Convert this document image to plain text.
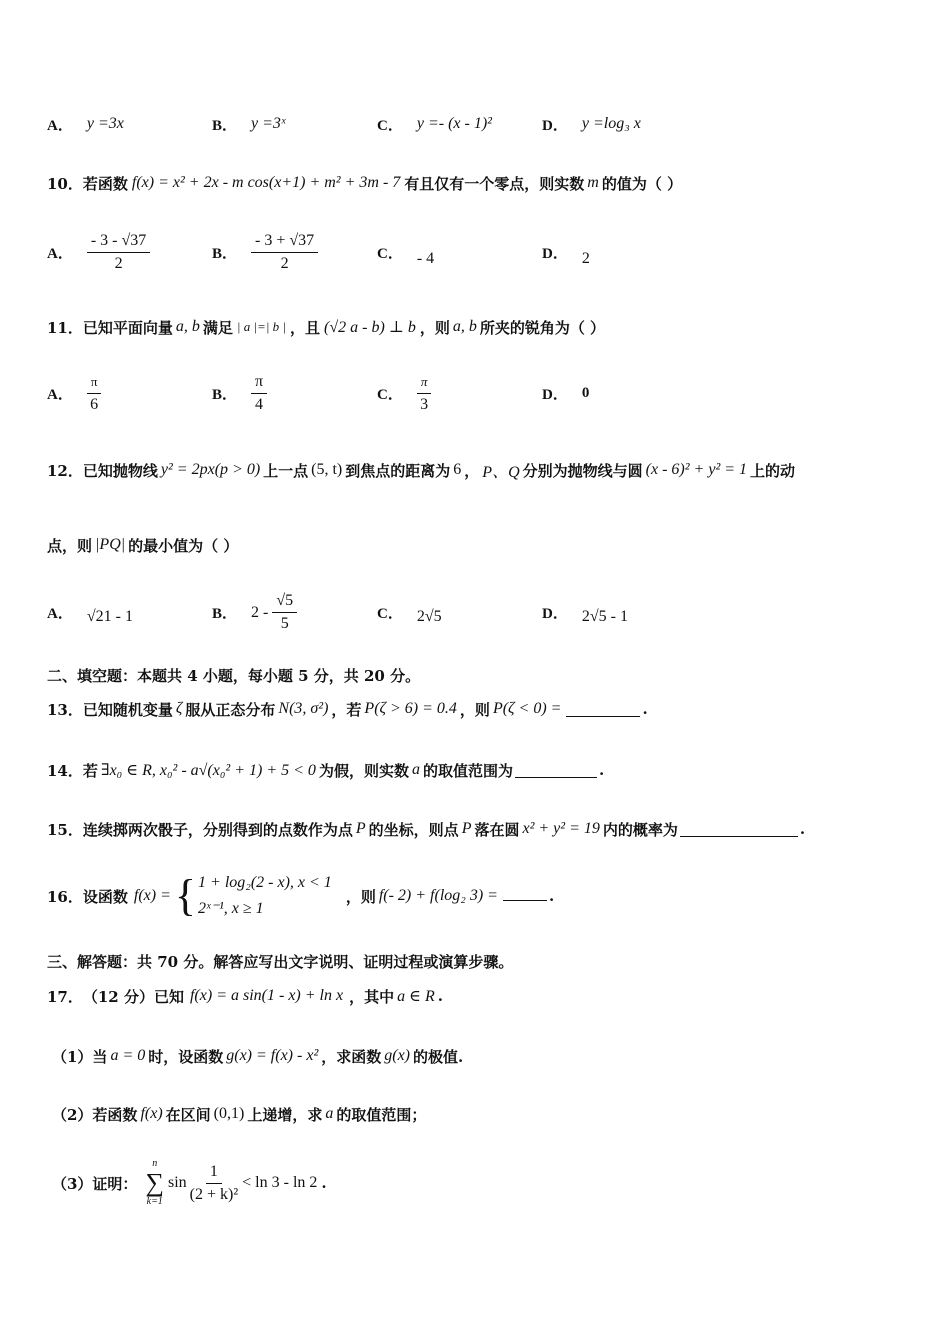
A． y =3x	B． y =3ˣ	C． y =- (x - 1)²	D． y =log₃ x
10． 若函数 f(x) = x² + 2x - m cos(x+1) + m² + 3m - 7 有且仅有一个零点，则实数 m 的值为（ ）
A． $\frac{- 3 - √37}{2}$	B． $\frac{- 3 + √37}{2}$	C． - 4	D． 2
11． 已知平面向量 a, b 满足 | a |=| b | ，且 (√2 a - b) ⊥ b ，则 a, b 所夹的锐角为（ ）
A． $\frac{\pi}{6}$	B． $\frac{\pi}{4}$	C． $\frac{\pi}{3}$	D． 0
12． 已知抛物线 y² = 2px(p > 0) 上一点 (5, t) 到焦点的距离为 6 ， P、Q 分别为抛物线与圆 (x - 6)² + y² = 1 上的动
点，则 |PQ| 的最小值为（ ）
A． √21 - 1	B． $2 - \frac{√5}{5}$	C． 2√5	D． 2√5 - 1
二、填空题：本题共 4 小题，每小题 5 分，共 20 分。
13． 已知随机变量 ζ 服从正态分布 N(3, σ²) ，若 P(ζ > 6) = 0.4 ，则 P(ζ < 0) =	.
14． 若 ∃x₀ ∈ R, x₀² - a√(x₀² + 1) + 5 < 0 为假，则实数 a 的取值范围为	.
15． 连续掷两次骰子，分别得到的点数作为点 P 的坐标，则点 P 落在圆 x² + y² = 19 内的概率为	.
16． 设函数 f(x) = { 1 + log₂(2 - x), x < 1
2ˣ⁻¹, x ≥ 1
，则 f(- 2) + f(log₂ 3) =	.
三、解答题：共 70 分。解答应写出文字说明、证明过程或演算步骤。
17． （12 分）已知 f(x) = a sin(1 - x) + ln x ，其中 a ∈ R .
（1）当 a = 0 时，设函数 g(x) = f(x) - x² ，求函数 g(x) 的极值.
（2）若函数 f(x) 在区间 (0,1) 上递增，求 a 的取值范围；
（3）证明：
n
∑
k=1
$\sin \frac{1}{\text{(2 + k)²}} < \ln 3 - \ln 2$ .
